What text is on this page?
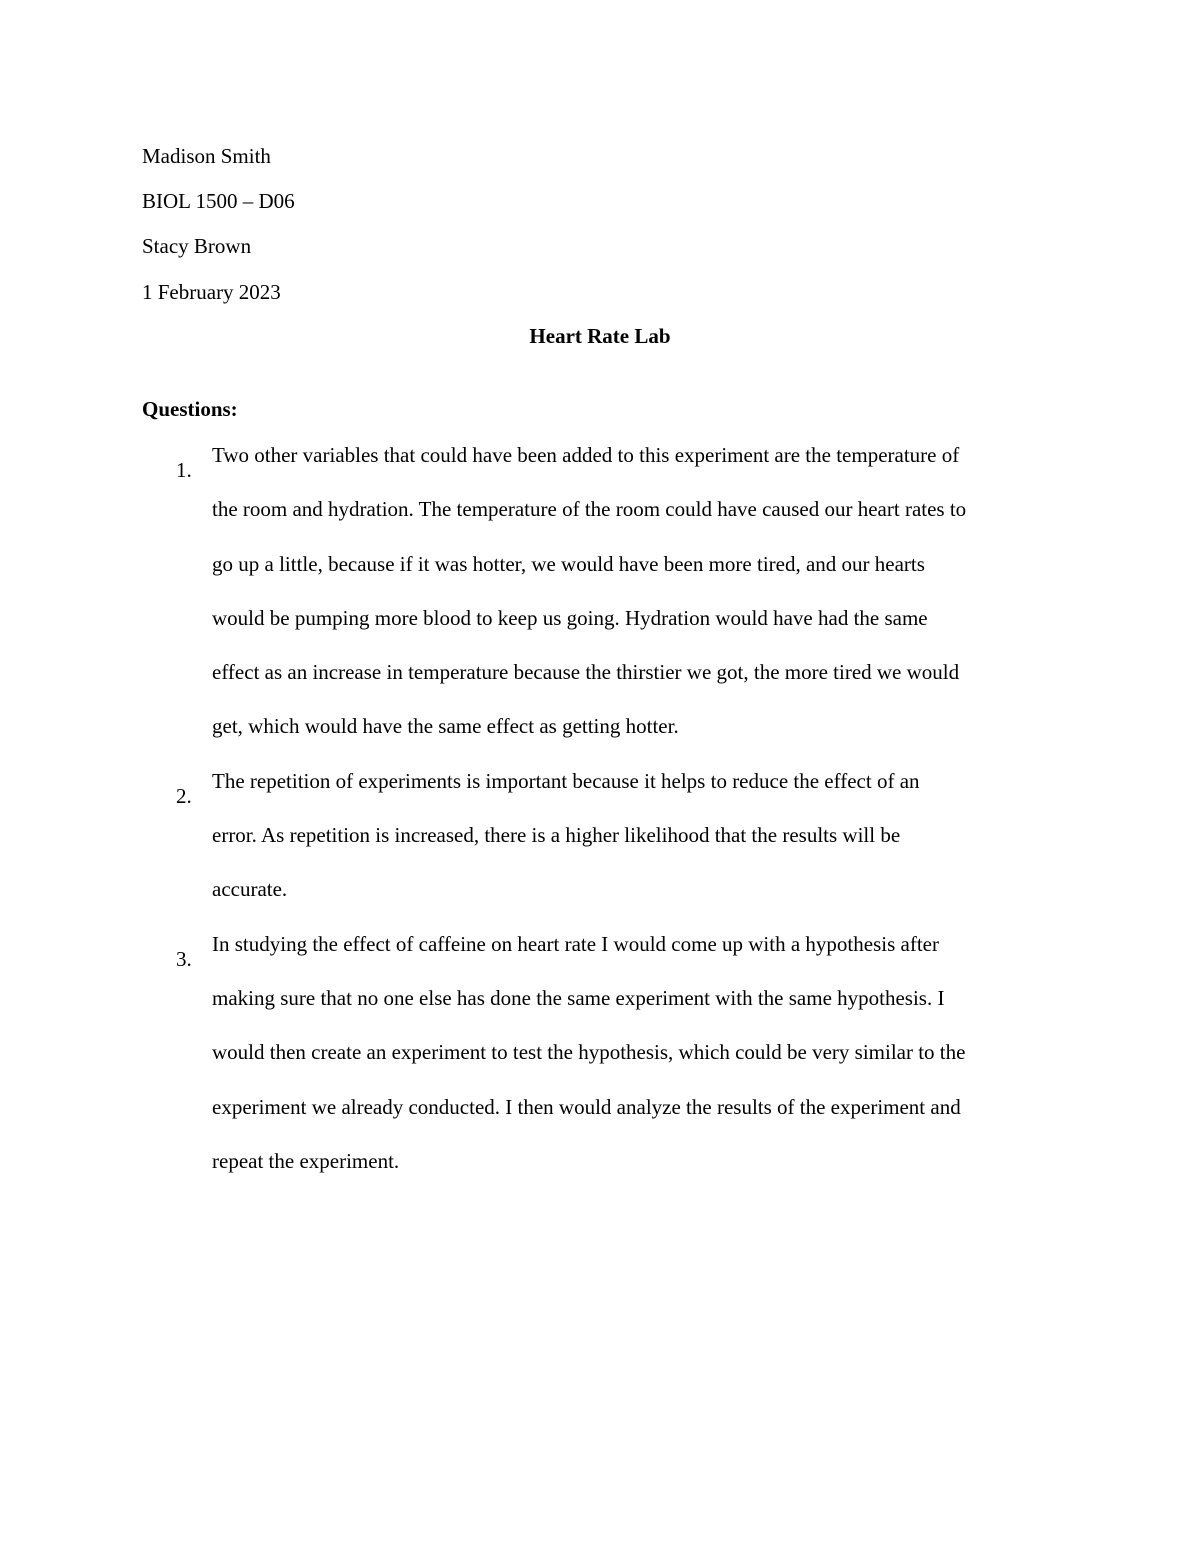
Madison Smith
BIOL 1500 – D06
Stacy Brown
1 February 2023
Heart Rate Lab
Questions:
1.
Two other variables that could have been added to this experiment are the temperature of
the room and hydration. The temperature of the room could have caused our heart rates to
go up a little, because if it was hotter, we would have been more tired, and our hearts
would be pumping more blood to keep us going. Hydration would have had the same
effect as an increase in temperature because the thirstier we got, the more tired we would
get, which would have the same effect as getting hotter.
2.
The repetition of experiments is important because it helps to reduce the effect of an
error. As repetition is increased, there is a higher likelihood that the results will be
accurate.
3.
In studying the effect of caffeine on heart rate I would come up with a hypothesis after
making sure that no one else has done the same experiment with the same hypothesis. I
would then create an experiment to test the hypothesis, which could be very similar to the
experiment we already conducted. I then would analyze the results of the experiment and
repeat the experiment.
